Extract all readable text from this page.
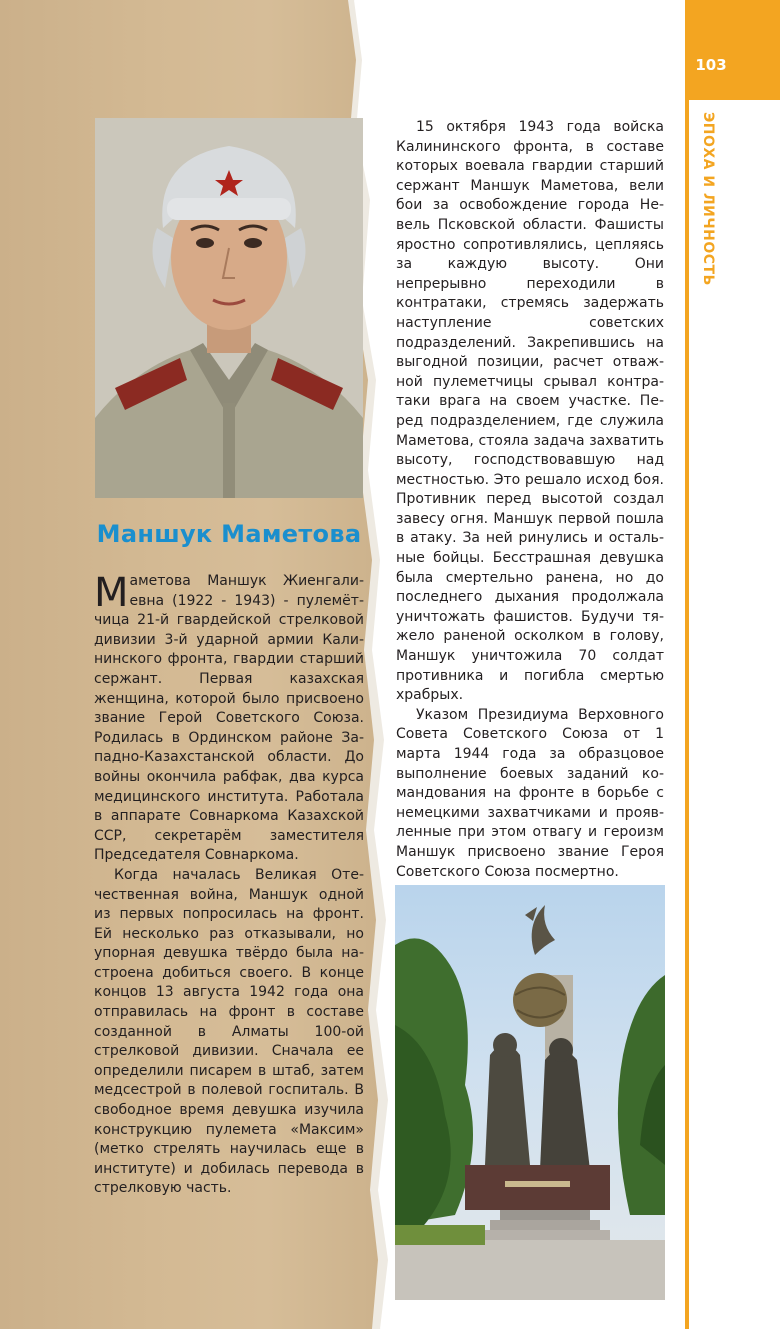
103
ЭПОХА И ЛИЧНОСТЬ
Маншук Маметова

Маметова Маншук Жиенгалиевна (1922 - 1943) - пулемётчица 21-й гвардейской стрелковой дивизии 3-й ударной армии Калининского фронта, гвардии старший сержант. Первая казахская женщина, которой было присвоено звание Герой Советского Союза. Родилась в Ординском районе Западно-Казахстанской области. До войны окончила рабфак, два курса медицинского института. Работала в аппарате Совнаркома Казахской ССР, секретарём заместителя Председателя Совнаркома.

Когда началась Великая Отечественная война, Маншук одной из первых попросилась на фронт. Ей несколько раз отказывали, но упорная девушка твёрдо была настроена добиться своего. В конце концов 13 августа 1942 года она отправилась на фронт в составе созданной в Алматы 100-ой стрелковой дивизии. Сначала ее определили писарем в штаб, затем медсестрой в полевой госпиталь. В свободное время девушка изучила конструкцию пулемета «Максим» (метко стрелять научилась еще в институте) и добилась перевода в стрелковую часть.

15 октября 1943 года войска Калининского фронта, в составе которых воевала гвардии старший сержант Маншук Маметова, вели бои за освобождение города Невель Псковской области. Фашисты яростно сопротивлялись, цепляясь за каждую высоту. Они непрерывно переходили в контратаки, стремясь задержать наступление советских подразделений. Закрепившись на выгодной позиции, расчет отважной пулеметчицы срывал контратаки врага на своем участке. Перед подразделением, где служила Маметова, стояла задача захватить высоту, господствовавшую над местностью. Это решало исход боя. Противник перед высотой создал завесу огня. Маншук первой пошла в атаку. За ней ринулись и остальные бойцы. Бесстрашная девушка была смертельно ранена, но до последнего дыхания продолжала уничтожать фашистов. Будучи тяжело раненой осколком в голову, Маншук уничтожила 70 солдат противника и погибла смертью храбрых.

Указом Президиума Верховного Совета Советского Союза от 1 марта 1944 года за образцовое выполнение боевых заданий командования на фронте в борьбе с немецкими захватчиками и проявленные при этом отвагу и героизм Маншук присвоено звание Героя Советского Союза посмертно.
